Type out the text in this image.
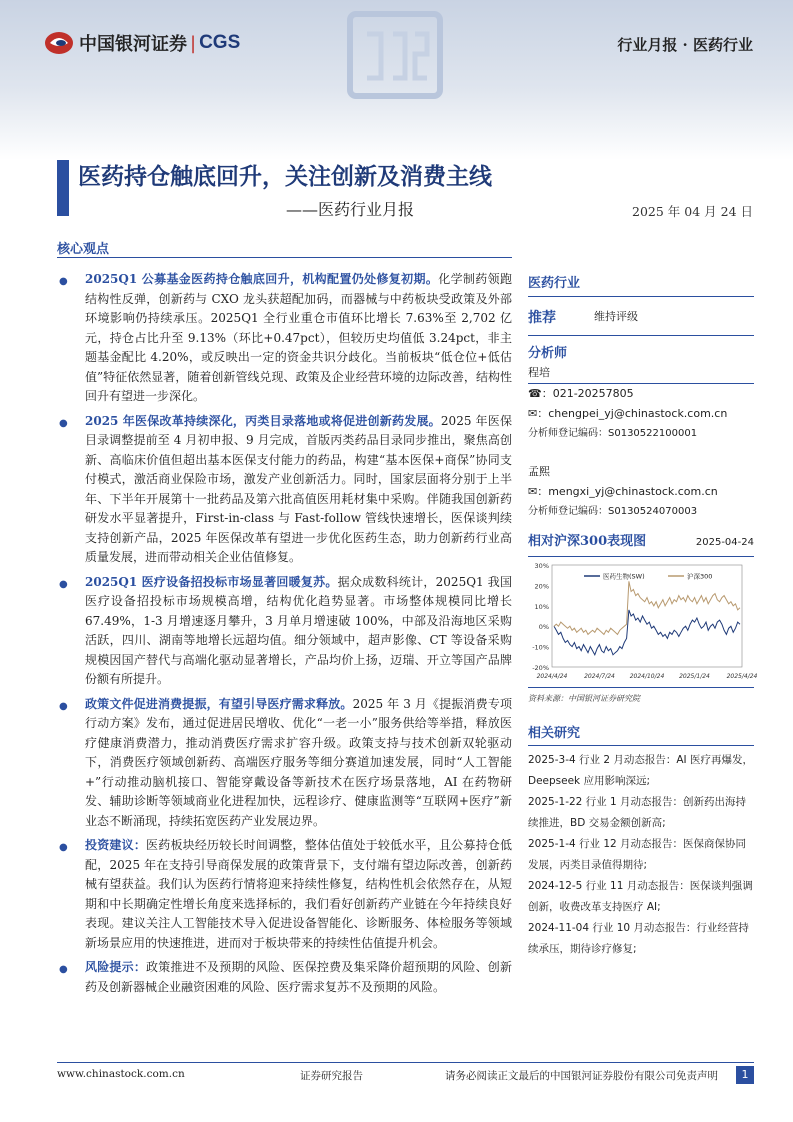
中国银河证券 | CGS	行业月报 · 医药行业
医药持仓触底回升，关注创新及消费主线
——医药行业月报	2025 年 04 月 24 日
核心观点
● 2025Q1 公募基金医药持仓触底回升，机构配置仍处修复初期。化学制药领跑结构性反弹，创新药与 CXO 龙头获超配加码，而器械与中药板块受政策及外部环境影响仍持续承压。2025Q1 全行业重仓市值环比增长 7.63%至 2,702 亿元，持仓占比升至 9.13%（环比+0.47pct），但较历史均值低 3.24pct，非主题基金配比 4.20%，或反映出一定的资金共识分歧化。当前板块“低仓位+低估值”特征依然显著，随着创新管线兑现、政策及企业经营环境的边际改善，结构性回升有望进一步深化。
● 2025 年医保改革持续深化，丙类目录落地或将促进创新药发展。2025 年医保目录调整提前至 4 月初申报、9 月完成，首版丙类药品目录同步推出，聚焦高创新、高临床价值但超出基本医保支付能力的药品，构建“基本医保+商保”协同支付模式，激活商业保险市场，激发产业创新活力。同时，国家层面将分别于上半年、下半年开展第十一批药品及第六批高值医用耗材集中采购。伴随我国创新药研发水平显著提升，First-in-class 与 Fast-follow 管线快速增长，医保谈判续支持创新产品，2025 年医保改革有望进一步优化医药生态，助力创新药行业高质量发展，进而带动相关企业估值修复。
● 2025Q1 医疗设备招投标市场显著回暖复苏。据众成数科统计，2025Q1 我国医疗设备招投标市场规模高增，结构优化趋势显著。市场整体规模同比增长 67.49%，1-3 月增速逐月攀升，3 月单月增速破 100%，中部及沿海地区采购活跃，四川、湖南等地增长远超均值。细分领域中，超声影像、CT 等设备采购规模因国产替代与高端化驱动显著增长，产品均价上扬，迈瑞、开立等国产品牌份额有所提升。
● 政策文件促进消费提振，有望引导医疗需求释放。2025 年 3 月《提振消费专项行动方案》发布，通过促进居民增收、优化“一老一小”服务供给等举措，释放医疗健康消费潜力，推动消费医疗需求扩容升级。政策支持与技术创新双轮驱动下，消费医疗领域创新药、高端医疗服务等细分赛道加速发展，同时“人工智能+”行动推动脑机接口、智能穿戴设备等新技术在医疗场景落地，AI 在药物研发、辅助诊断等领域商业化进程加快，远程诊疗、健康监测等“互联网+医疗”新业态不断涌现，持续拓宽医药产业发展边界。
● 投资建议：医药板块经历较长时间调整，整体估值处于较低水平，且公募持仓低配，2025 年在支持引导商保发展的政策背景下，支付端有望边际改善，创新药械有望获益。我们认为医药行情将迎来持续性修复，结构性机会依然存在，从短期和中长期确定性增长角度来选择标的，我们看好创新药产业链在今年持续良好表现。建议关注人工智能技术导入促进设备智能化、诊断服务、体检服务等领域新场景应用的快速推进，进而对于板块带来的持续性估值提升机会。
● 风险提示：政策推进不及预期的风险、医保控费及集采降价超预期的风险、创新药及创新器械企业融资困难的风险、医疗需求复苏不及预期的风险。
医药行业
推荐	维持评级
分析师
程培
☎：021-20257805
✉：chengpei_yj@chinastock.com.cn
分析师登记编码：S0130522100001
孟熙
✉：mengxi_yj@chinastock.com.cn
分析师登记编码：S0130524070003
相对沪深300表现图	2025-04-24
30%
20%
10%
0%
-10%
-20%
2024/4/24	2024/7/24 2024/10/24 2025/1/24	2025/4/24
医药生物(SW)	沪深300
资料来源：中国银河证券研究院
相关研究
2025-3-4 行业 2 月动态报告：AI 医疗再爆发，Deepseek 应用影响深远;
2025-1-22 行业 1 月动态报告：创新药出海持续推进，BD 交易金额创新高;
2025-1-4 行业 12 月动态报告：医保商保协同发展，丙类目录值得期待;
2024-12-5 行业 11 月动态报告：医保谈判强调创新，收费改革支持医疗 AI;
2024-11-04 行业 10 月动态报告：行业经营持续承压，期待诊疗修复;
www.chinastock.com.cn	证券研究报告	请务必阅读正文最后的中国银河证券股份有限公司免责声明	1
